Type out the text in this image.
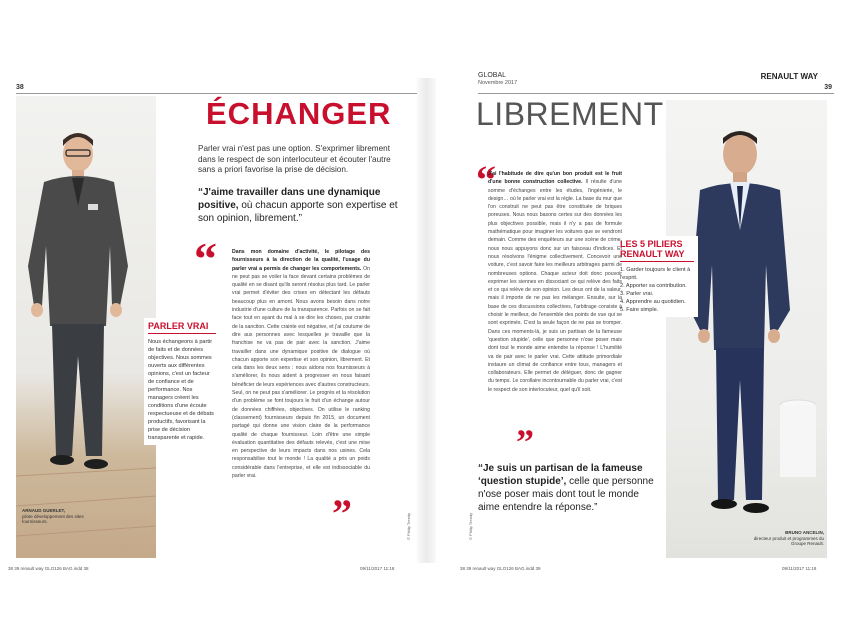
38
ARNAUD GUERLET,
pilote développement des sites fournisseurs.
PARLER VRAI
Nous échangeons à partir de faits et de données objectives. Nous sommes ouverts aux différentes opinions, c'est un facteur de confiance et de performance. Nos managers créent les conditions d'une écoute respectueuse et de débats productifs, favorisant la prise de décision transparente et rapide.
ÉCHANGER
Parler vrai n'est pas une option. S'exprimer librement dans le respect de son interlocuteur et écouter l'autre sans a priori favorise la prise de décision.
“J'aime travailler dans une dynamique positive, où chacun apporte son expertise et son opinion, librement.”
“	Dans mon domaine d'activité, le pilotage des fournisseurs à la direction de la qualité, l'usage du parler vrai a permis de changer les comportements. On ne peut pas se voiler la face devant certains problèmes de qualité en se disant qu'ils seront résolus plus tard. Le parler vrai permet d'éviter des crises en détectant les défauts beaucoup plus en amont. Nous avons besoin dans notre industrie d'une culture de la transparence. Parfois on se fait face tout en ayant du mal à se dire les choses, par crainte de la sanction. Cette crainte est négative, et j'ai coutume de dire aux personnes avec lesquelles je travaille que la franchise ne va pas de pair avec la sanction. J'aime travailler dans une dynamique positive de dialogue où chacun apporte son expertise et son opinion, librement. Et cela dans les deux sens : nous aidons nos fournisseurs à s'améliorer, ils nous aident à progresser en nous faisant bénéficier de leurs expériences avec d'autres constructeurs. Seul, on ne peut pas s'améliorer. Le progrès et la résolution d'un problème se font toujours le fruit d'un échange autour de données chiffrées, objectives. On utilise le ranking (classement) fournisseurs depuis fin 2015, un document partagé qui donne une vision claire de la performance qualité de chaque fournisseur. Loin d'être une simple évaluation quantitative des défauts relevés, c'est une mise en perspective de leurs impacts dans nos usines. Cela responsabilise tout le monde ! La qualité a pris un poids considérable dans l'entreprise, et elle est indissociable du parler vrai.
”	© Philip Trendy
GLOBAL
Novembre 2017
RENAULT WAY
39
LIBREMENT
BRUNO ANCELIN,
directeur produit et programmes du Groupe Renault.
LES 5 PILIERS RENAULT WAY
1. Garder toujours le client à l'esprit.
2. Apporter sa contribution.
3. Parler vrai.
4. Apprendre au quotidien.
5. Faire simple.
“
J'ai l'habitude de dire qu'un bon produit est le fruit d'une bonne construction collective. Il résulte d'une somme d'échanges entre les études, l'ingénierie, le design… où le parler vrai est la règle. La base du mur que l'on construit ne peut pas être constituée de briques poreuses. Nous nous basons certes sur des données les plus objectives possible, mais il n'y a pas de formule mathématique pour imaginer les voitures que se vendront demain. Comme des enquêteurs sur une scène de crime, nous nous appuyons donc sur un faisceau d'indices. Et nous résolvons l'énigme collectivement. Concevoir une voiture, c'est savoir faire les meilleurs arbitrages parmi de nombreuses options. Chaque acteur doit donc pouvoir exprimer les siennes en dissociant ce qui relève des faits et ce qui relève de son opinion. Les deux ont de la valeur, mais il importe de ne pas les mélanger. Ensuite, sur la base de ces discussions collectives, l'arbitrage consiste à choisir le meilleur, de l'ensemble des points de vue qui se sont exprimés. C'est la seule façon de ne pas se tromper. Dans ces moments-là, je suis un partisan de la fameuse 'question stupide', celle que personne n'ose poser mais dont tout le monde aime entendre la réponse ! L'humilité va de pair avec le parler vrai. Cette attitude primordiale instaure un climat de confiance entre tous, managers et collaborateurs. Elle permet de déléguer, donc de gagner du temps. Le corollaire incontournable du parler vrai, c'est le respect de son interlocuteur, quel qu'il soit.
”
“Je suis un partisan de la fameuse ‘question stupide’, celle que personne n'ose poser mais dont tout le monde aime entendre la réponse.”
© Philip Trendy
38 39 renault way GLO126 BAG.indd 38	09/11/2017 11:18	38 39 renault way GLO126 BAG.indd 39	09/11/2017 11:18
